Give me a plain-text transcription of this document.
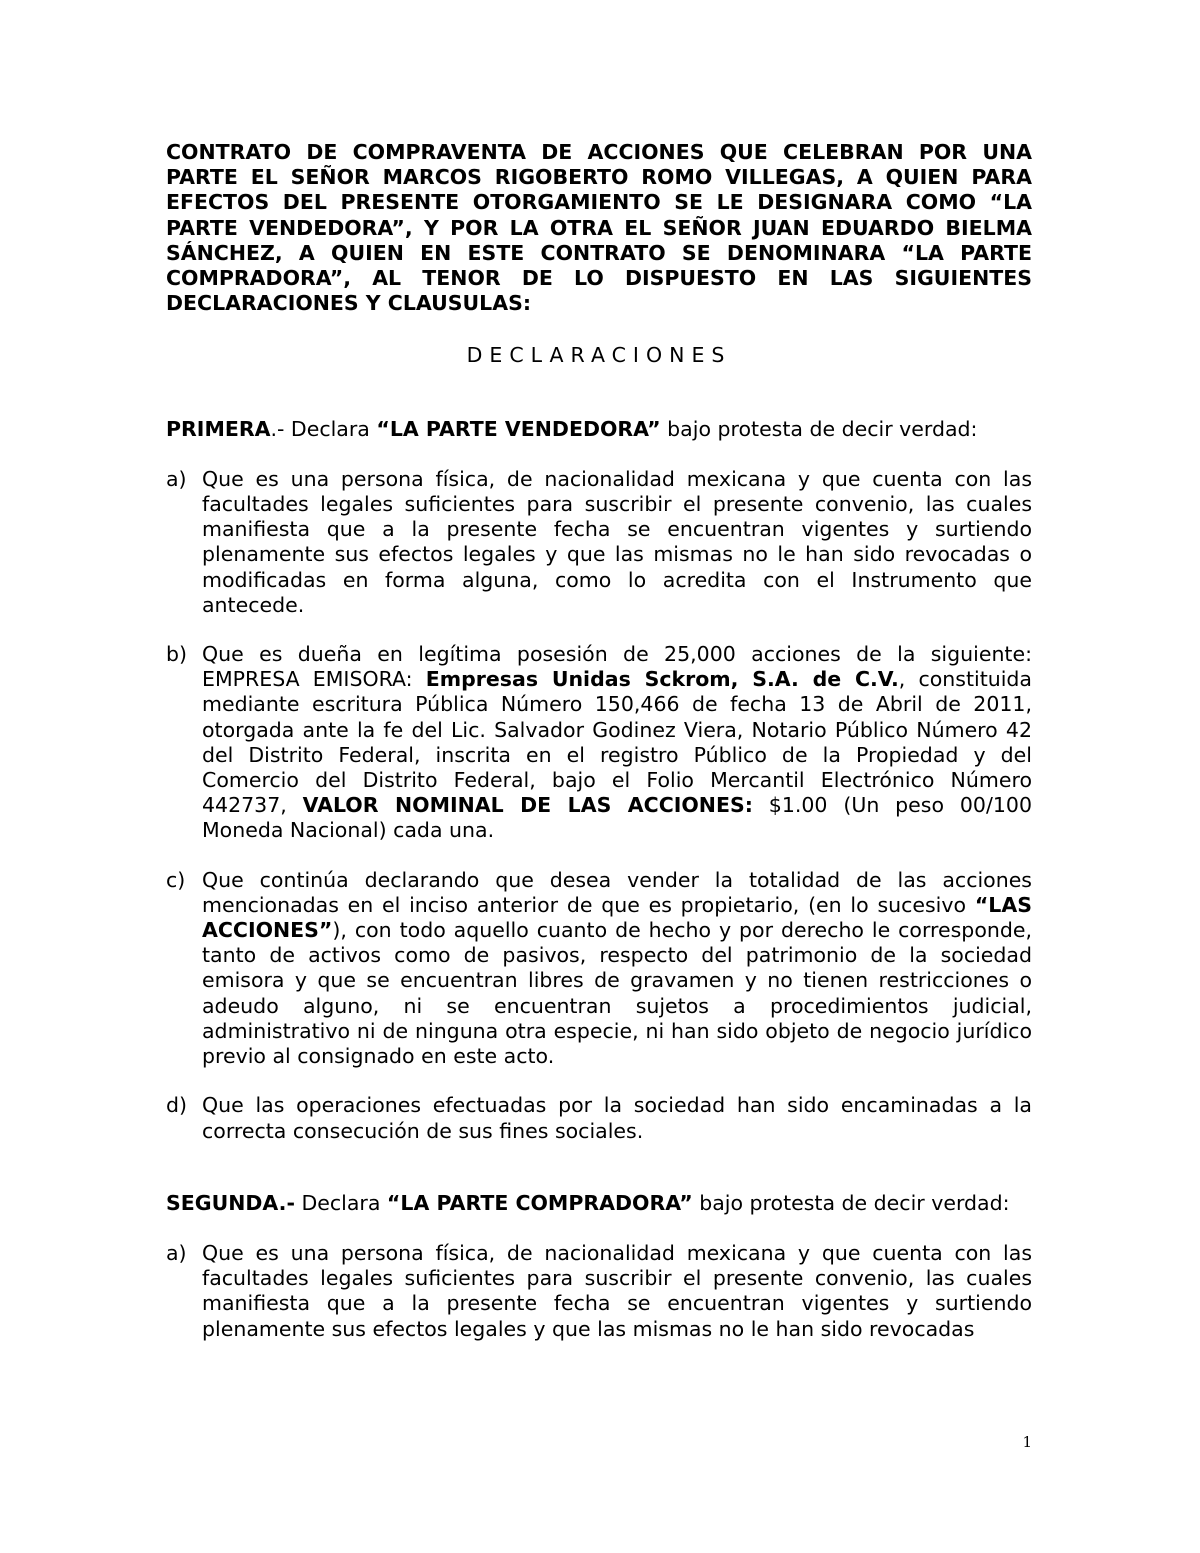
CONTRATO DE COMPRAVENTA DE ACCIONES QUE CELEBRAN POR UNA PARTE EL SEÑOR MARCOS RIGOBERTO ROMO VILLEGAS, A QUIEN PARA EFECTOS DEL PRESENTE OTORGAMIENTO SE LE DESIGNARA COMO “LA PARTE VENDEDORA”, Y POR LA OTRA EL SEÑOR JUAN EDUARDO BIELMA SÁNCHEZ, A QUIEN EN ESTE CONTRATO SE DENOMINARA “LA PARTE COMPRADORA”, AL TENOR DE LO DISPUESTO EN LAS SIGUIENTES DECLARACIONES Y CLAUSULAS:

DECLARACIONES

PRIMERA.- Declara “LA PARTE VENDEDORA” bajo protesta de decir verdad:

a) Que es una persona física, de nacionalidad mexicana y que cuenta con las facultades legales suficientes para suscribir el presente convenio, las cuales manifiesta que a la presente fecha se encuentran vigentes y surtiendo plenamente sus efectos legales y que las mismas no le han sido revocadas o modificadas en forma alguna, como lo acredita con el Instrumento que antecede.
b) Que es dueña en legítima posesión de 25,000 acciones de la siguiente: EMPRESA EMISORA: Empresas Unidas Sckrom, S.A. de C.V., constituida mediante escritura Pública Número 150,466 de fecha 13 de Abril de 2011, otorgada ante la fe del Lic. Salvador Godinez Viera, Notario Público Número 42 del Distrito Federal, inscrita en el registro Público de la Propiedad y del Comercio del Distrito Federal, bajo el Folio Mercantil Electrónico Número 442737, VALOR NOMINAL DE LAS ACCIONES: $1.00 (Un peso 00/100 Moneda Nacional) cada una.
c) Que continúa declarando que desea vender la totalidad de las acciones mencionadas en el inciso anterior de que es propietario, (en lo sucesivo “LAS ACCIONES”), con todo aquello cuanto de hecho y por derecho le corresponde, tanto de activos como de pasivos, respecto del patrimonio de la sociedad emisora y que se encuentran libres de gravamen y no tienen restricciones o adeudo alguno, ni se encuentran sujetos a procedimientos judicial, administrativo ni de ninguna otra especie, ni han sido objeto de negocio jurídico previo al consignado en este acto.
d) Que las operaciones efectuadas por la sociedad han sido encaminadas a la correcta consecución de sus fines sociales.

SEGUNDA.- Declara “LA PARTE COMPRADORA” bajo protesta de decir verdad:

a) Que es una persona física, de nacionalidad mexicana y que cuenta con las facultades legales suficientes para suscribir el presente convenio, las cuales manifiesta que a la presente fecha se encuentran vigentes y surtiendo plenamente sus efectos legales y que las mismas no le han sido revocadas
1
